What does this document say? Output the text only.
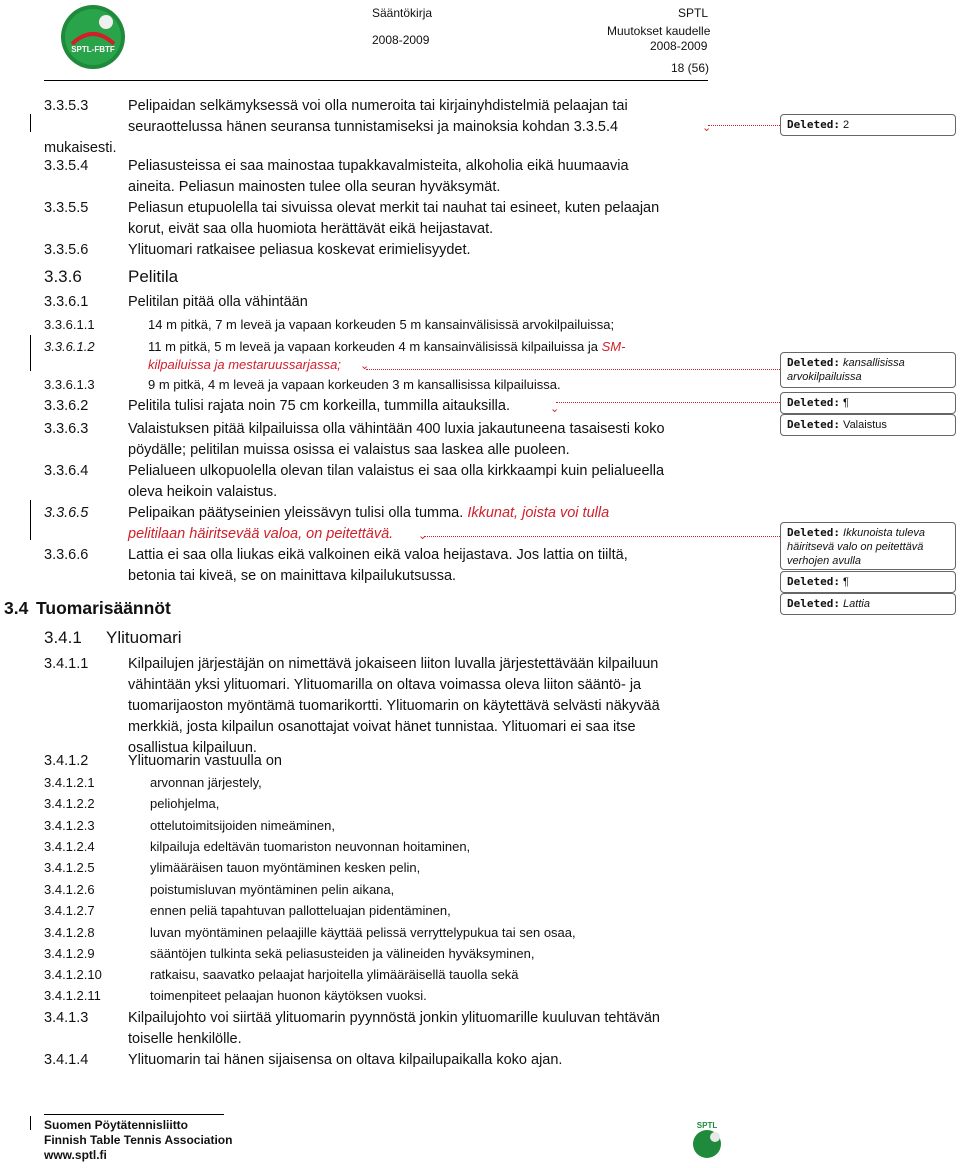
SPTL-FBTF
Sääntökirja
2008-2009
SPTL
Muutokset kaudelle
2008-2009
18 (56)
3.3.5.3	Pelipaidan selkämyksessä voi olla numeroita tai kirjainyhdistelmiä pelaajan tai
seurаottelussa hänen seuransa tunnistamiseksi ja mainoksia kohdan 3.3.5.4
mukaisesti.
⌄
3.3.5.4	Peliasusteissa ei saa mainostaa tupakkavalmisteita, alkoholia eikä huumaavia
aineita. Peliasun mainosten tulee olla seuran hyväksymät.
3.3.5.5	Peliasun etupuolella tai sivuissa olevat merkit tai nauhat tai esineet, kuten pelaajan
korut, eivät saa olla huomiota herättävät eikä heijastavat.
3.3.5.6	Ylituomari ratkaisee peliasua koskevat erimielisyydet.
3.3.6	Pelitila
3.3.6.1	Pelitilan pitää olla vähintään
3.3.6.1.1	14 m pitkä, 7 m leveä ja vapaan korkeuden 5 m kansainvälisissä arvokilpailuissa;
3.3.6.1.2	11 m pitkä, 5 m leveä ja vapaan korkeuden 4 m kansainvälisissä kilpailuissa ja SM-
kilpailuissa ja mestaruussarjassa; ⌄
3.3.6.1.3	9 m pitkä, 4 m leveä ja vapaan korkeuden 3 m kansallisissa kilpailuissa.
3.3.6.2	Pelitila tulisi rajata noin 75 cm korkeilla, tummilla aitauksilla.	⌄
3.3.6.3	Valaistuksen pitää kilpailuissa olla vähintään 400 luxia jakautuneena tasaisesti koko
pöydälle; pelitilan muissa osissa ei valaistus saa laskea alle puoleen.
3.3.6.4	Pelialueen ulkopuolella olevan tilan valaistus ei saa olla kirkkaampi kuin pelialueella
oleva heikoin valaistus.
3.3.6.5	Pelipaikan päätyseinien yleissävyn tulisi olla tumma. Ikkunat, joista voi tulla
pelitilaan häiritsevää valoa, on peitettävä.	⌄
3.3.6.6	Lattia ei saa olla liukas eikä valkoinen eikä valoa heijastava. Jos lattia on tiiltä,
betonia tai kiveä, se on mainittava kilpailukutsussa.
3.4 Tuomarisäännöt
3.4.1 Ylituomari
3.4.1.1	Kilpailujen järjestäjän on nimettävä jokaiseen liiton luvalla järjestettävään kilpailuun
vähintään yksi ylituomari. Ylituomarilla on oltava voimassa oleva liiton sääntö- ja
tuomarijaoston myöntämä tuomarikortti. Ylituomarin on käytettävä selvästi näkyvää
merkkiä, josta kilpailun osanottajat voivat hänet tunnistaa. Ylituomari ei saa itse
osallistua kilpailuun.
3.4.1.2	Ylituomarin vastuulla on
3.4.1.2.1	arvonnan järjestely,
3.4.1.2.2	peliohjelma,
3.4.1.2.3	ottelutoimitsijoiden nimeäminen,
3.4.1.2.4	kilpailuja edeltävän tuomariston neuvonnan hoitaminen,
3.4.1.2.5	ylimääräisen tauon myöntäminen kesken pelin,
3.4.1.2.6	poistumisluvan myöntäminen pelin aikana,
3.4.1.2.7	ennen peliä tapahtuvan pallotteluajan pidentäminen,
3.4.1.2.8	luvan myöntäminen pelaajille käyttää pelissä verryttelypukua tai sen osaa,
3.4.1.2.9	sääntöjen tulkinta sekä peliasusteiden ja välineiden hyväksyminen,
3.4.1.2.10	ratkaisu, saavatko pelaajat harjoitella ylimääräisellä tauolla sekä
3.4.1.2.11	toimenpiteet pelaajan huonon käytöksen vuoksi.
3.4.1.3	Kilpailujohto voi siirtää ylituomarin pyynnöstä jonkin ylituomarille kuuluvan tehtävän
toiselle henkilölle.
3.4.1.4	Ylituomarin tai hänen sijaisensa on oltava kilpailupaikalla koko ajan.
Deleted: 2
Deleted: kansallisissa arvokilpailuissa
Deleted: ¶
Deleted: Valaistus
Deleted: Ikkunoista tuleva häiritsevä valo on peitettävä verhojen avulla
Deleted: ¶
Deleted: Lattia
Suomen Pöytätennisliitto
Finnish Table Tennis Association
www.sptl.fi
SPTL
